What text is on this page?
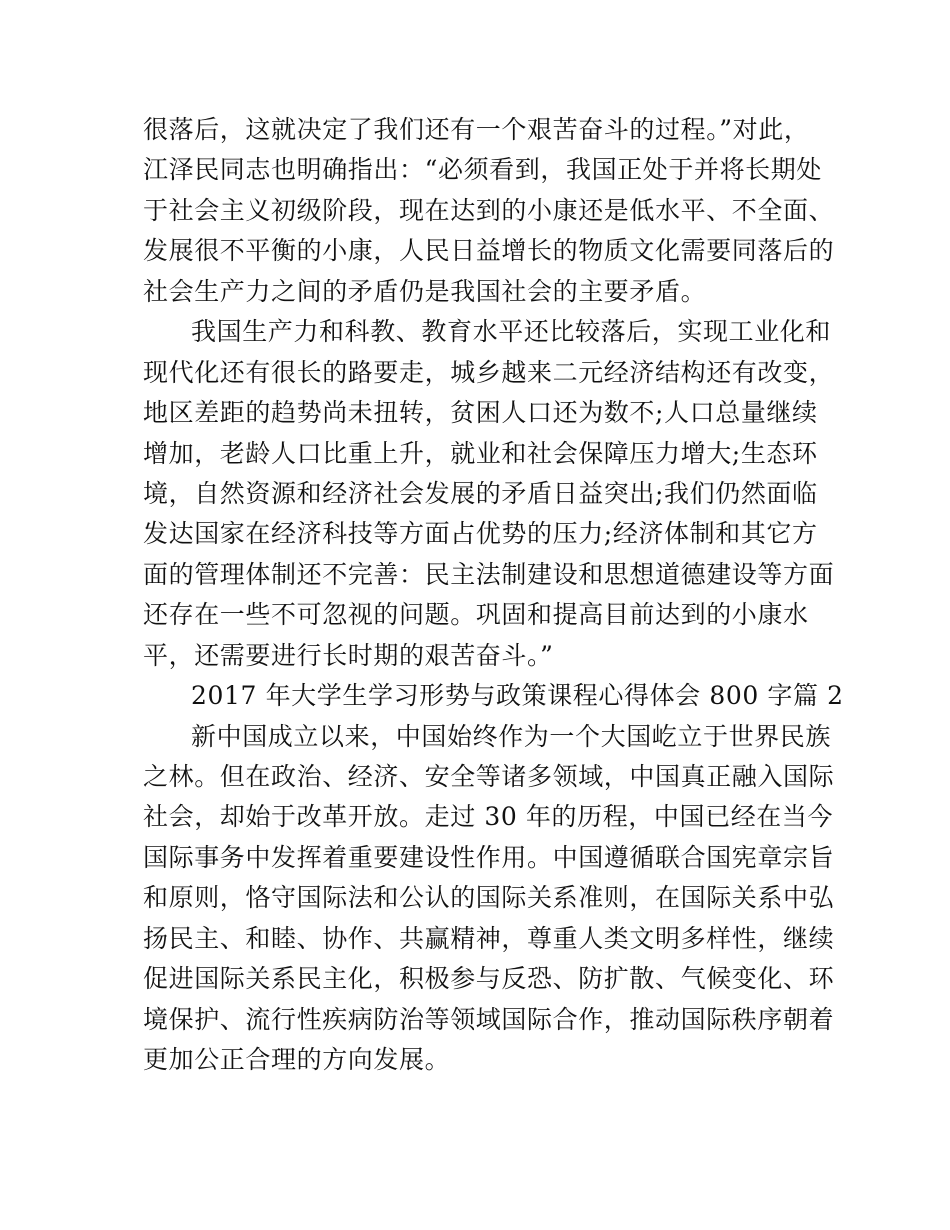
很落后，这就决定了我们还有一个艰苦奋斗的过程。”对此，
江泽民同志也明确指出：“必须看到，我国正处于并将长期处
于社会主义初级阶段，现在达到的小康还是低水平、不全面、
发展很不平衡的小康，人民日益增长的物质文化需要同落后的
社会生产力之间的矛盾仍是我国社会的主要矛盾。
我国生产力和科教、教育水平还比较落后，实现工业化和
现代化还有很长的路要走，城乡越来二元经济结构还有改变，
地区差距的趋势尚未扭转，贫困人口还为数不;人口总量继续
增加，老龄人口比重上升，就业和社会保障压力增大;生态环
境，自然资源和经济社会发展的矛盾日益突出;我们仍然面临
发达国家在经济科技等方面占优势的压力;经济体制和其它方
面的管理体制还不完善：民主法制建设和思想道德建设等方面
还存在一些不可忽视的问题。巩固和提高目前达到的小康水
平，还需要进行长时期的艰苦奋斗。”
2017 年大学生学习形势与政策课程心得体会 800 字篇 2
新中国成立以来，中国始终作为一个大国屹立于世界民族
之林。但在政治、经济、安全等诸多领域，中国真正融入国际
社会，却始于改革开放。走过 30 年的历程，中国已经在当今
国际事务中发挥着重要建设性作用。中国遵循联合国宪章宗旨
和原则，恪守国际法和公认的国际关系准则，在国际关系中弘
扬民主、和睦、协作、共赢精神，尊重人类文明多样性，继续
促进国际关系民主化，积极参与反恐、防扩散、气候变化、环
境保护、流行性疾病防治等领域国际合作，推动国际秩序朝着
更加公正合理的方向发展。
